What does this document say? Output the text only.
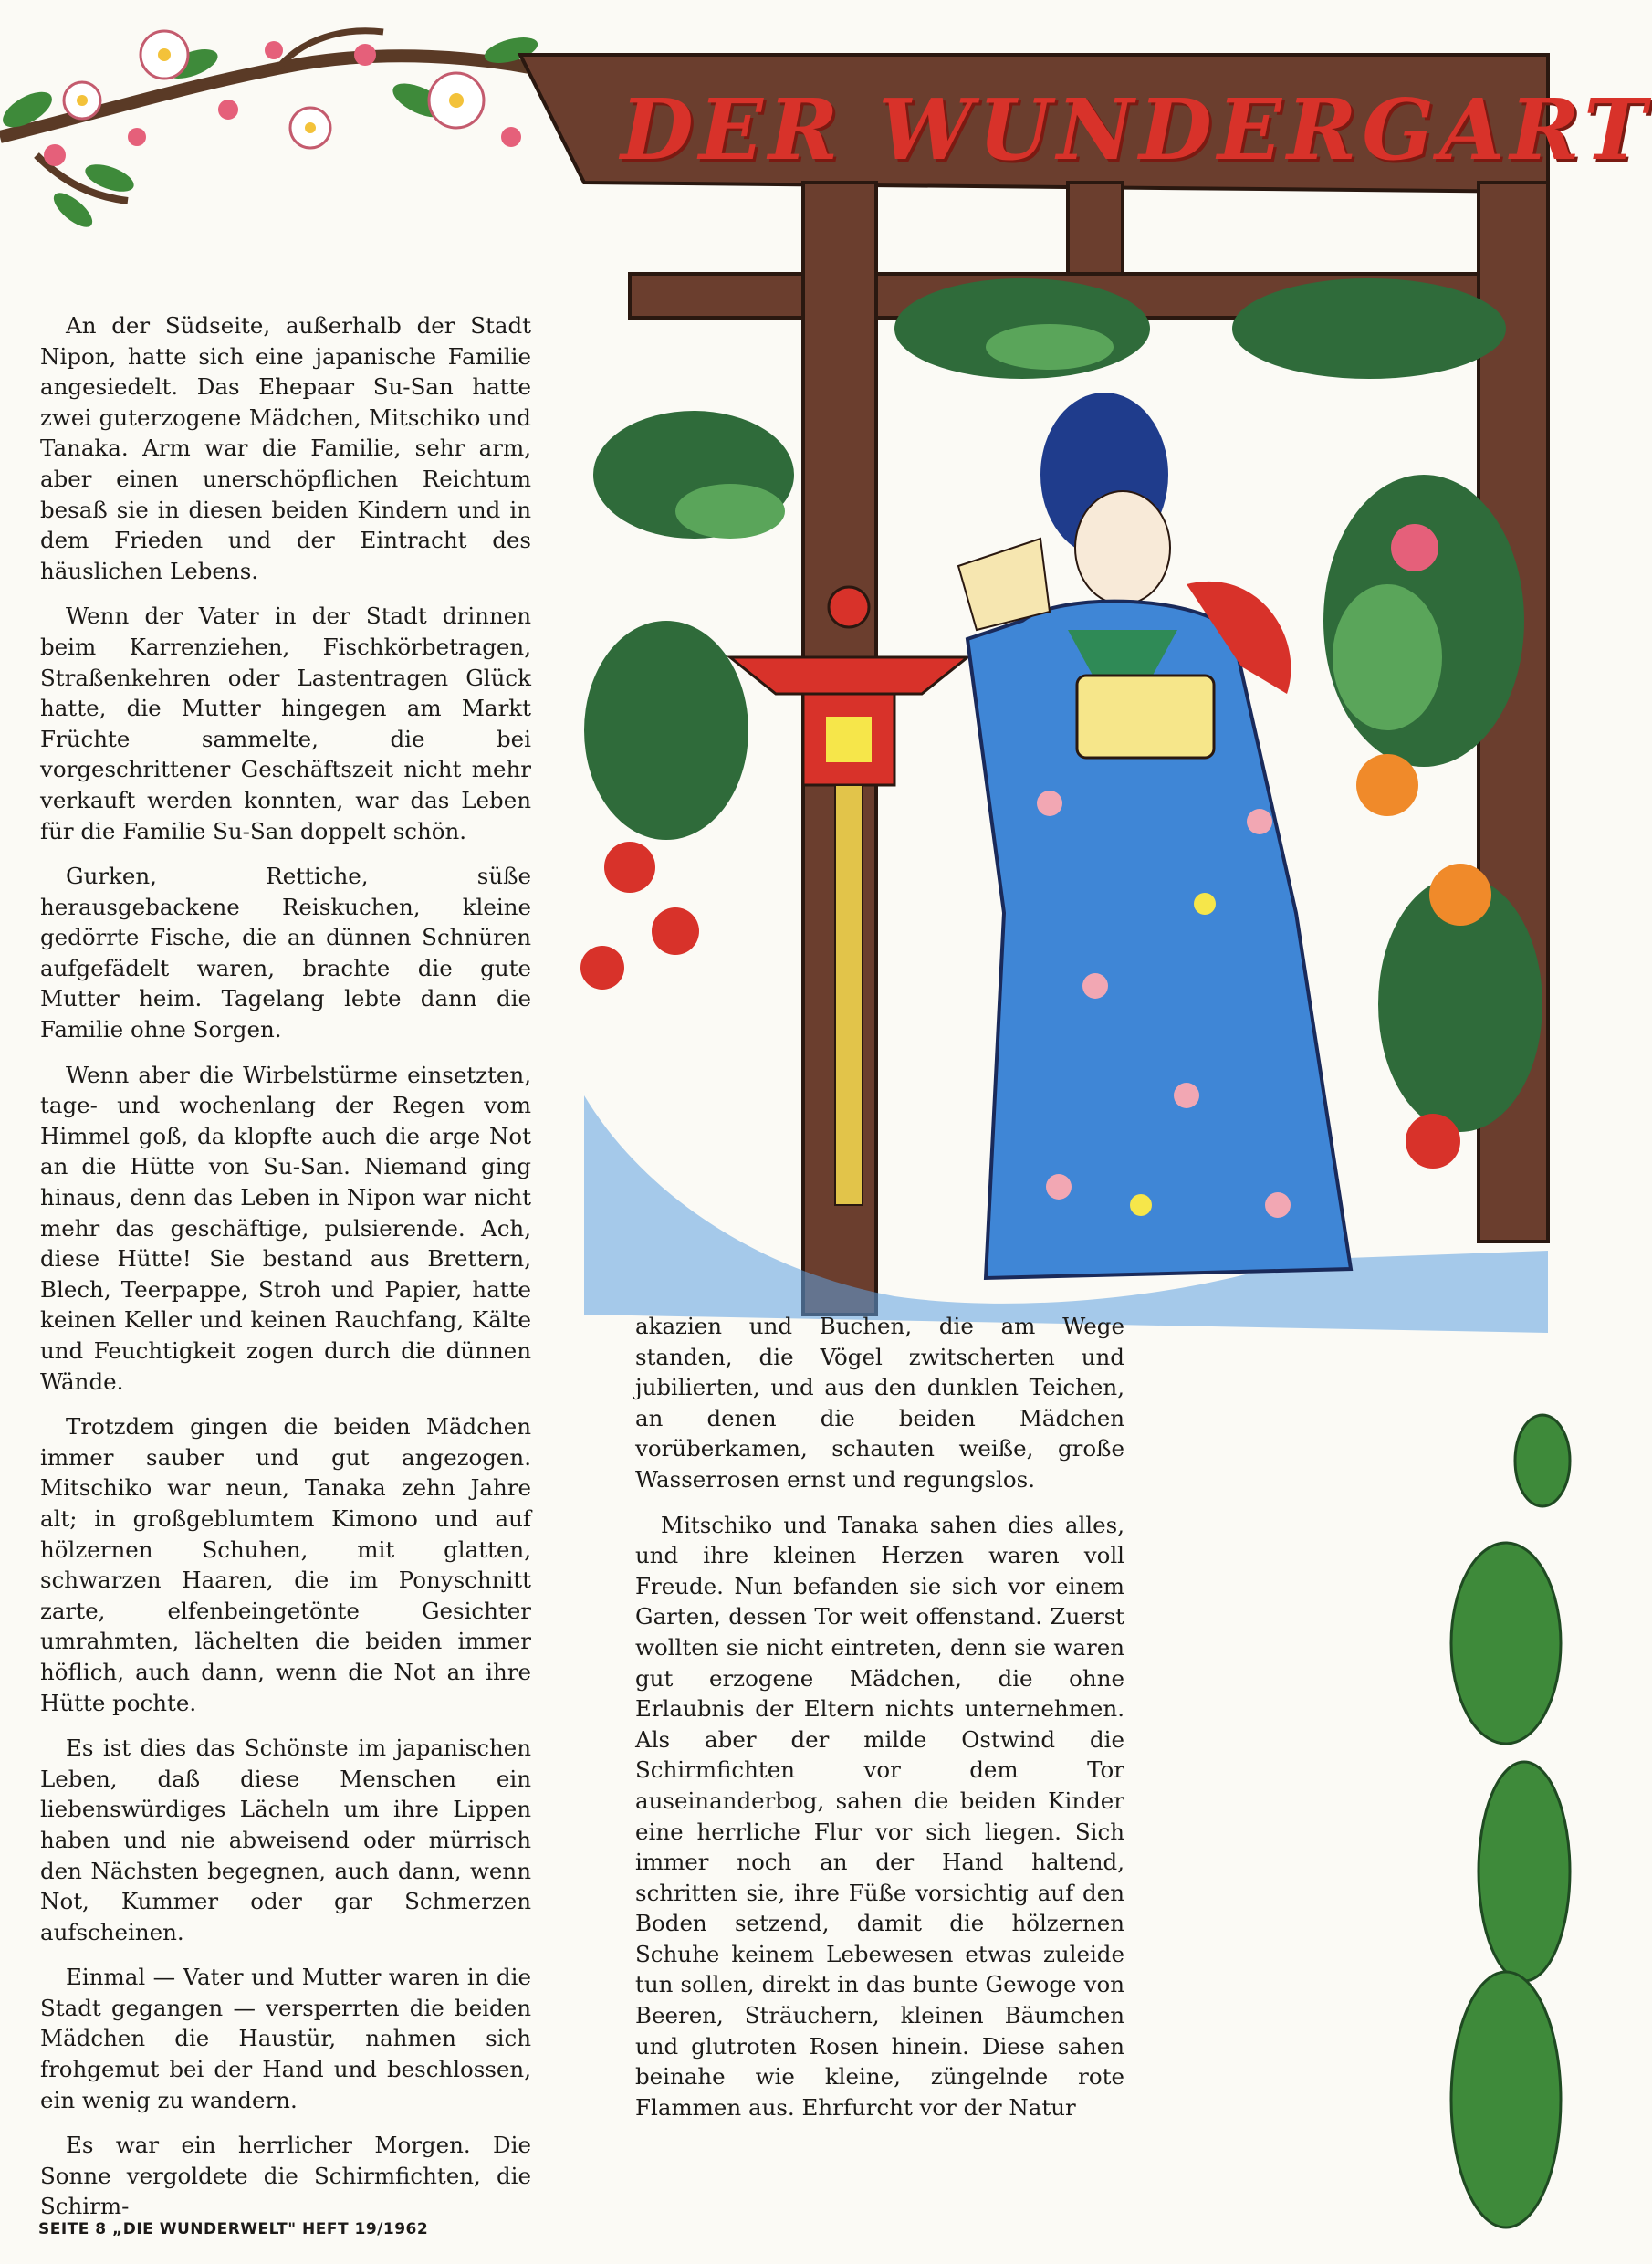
DER WUNDERGART

An der Südseite, außerhalb der Stadt Nipon, hatte sich eine japanische Familie angesiedelt. Das Ehepaar Su-San hatte zwei guterzogene Mädchen, Mitschiko und Tanaka. Arm war die Familie, sehr arm, aber einen unerschöpflichen Reichtum besaß sie in diesen beiden Kindern und in dem Frieden und der Eintracht des häuslichen Lebens.

Wenn der Vater in der Stadt drinnen beim Karrenziehen, Fischkörbetragen, Straßenkehren oder Lastentragen Glück hatte, die Mutter hingegen am Markt Früchte sammelte, die bei vorgeschrittener Geschäftszeit nicht mehr verkauft werden konnten, war das Leben für die Familie Su-San doppelt schön.

Gurken, Rettiche, süße herausgebackene Reiskuchen, kleine gedörrte Fische, die an dünnen Schnüren aufgefädelt waren, brachte die gute Mutter heim. Tagelang lebte dann die Familie ohne Sorgen.

Wenn aber die Wirbelstürme einsetzten, tage- und wochenlang der Regen vom Himmel goß, da klopfte auch die arge Not an die Hütte von Su-San. Niemand ging hinaus, denn das Leben in Nipon war nicht mehr das geschäftige, pulsierende. Ach, diese Hütte! Sie bestand aus Brettern, Blech, Teerpappe, Stroh und Papier, hatte keinen Keller und keinen Rauchfang, Kälte und Feuchtigkeit zogen durch die dünnen Wände.

Trotzdem gingen die beiden Mädchen immer sauber und gut angezogen. Mitschiko war neun, Tanaka zehn Jahre alt; in großgeblumtem Kimono und auf hölzernen Schuhen, mit glatten, schwarzen Haaren, die im Ponyschnitt zarte, elfenbeingetönte Gesichter umrahmten, lächelten die beiden immer höflich, auch dann, wenn die Not an ihre Hütte pochte.

Es ist dies das Schönste im japanischen Leben, daß diese Menschen ein liebenswürdiges Lächeln um ihre Lippen haben und nie abweisend oder mürrisch den Nächsten begegnen, auch dann, wenn Not, Kummer oder gar Schmerzen aufscheinen.

Einmal — Vater und Mutter waren in die Stadt gegangen — versperrten die beiden Mädchen die Haustür, nahmen sich frohgemut bei der Hand und beschlossen, ein wenig zu wandern.

Es war ein herrlicher Morgen. Die Sonne vergoldete die Schirmfichten, die Schirm-

akazien und Buchen, die am Wege standen, die Vögel zwitscherten und jubilierten, und aus den dunklen Teichen, an denen die beiden Mädchen vorüberkamen, schauten weiße, große Wasserrosen ernst und regungslos.

Mitschiko und Tanaka sahen dies alles, und ihre kleinen Herzen waren voll Freude. Nun befanden sie sich vor einem Garten, dessen Tor weit offenstand. Zuerst wollten sie nicht eintreten, denn sie waren gut erzogene Mädchen, die ohne Erlaubnis der Eltern nichts unternehmen. Als aber der milde Ostwind die Schirmfichten vor dem Tor auseinanderbog, sahen die beiden Kinder eine herrliche Flur vor sich liegen. Sich immer noch an der Hand haltend, schritten sie, ihre Füße vorsichtig auf den Boden setzend, damit die hölzernen Schuhe keinem Lebewesen etwas zuleide tun sollen, direkt in das bunte Gewoge von Beeren, Sträuchern, kleinen Bäumchen und glutroten Rosen hinein. Diese sahen beinahe wie kleine, züngelnde rote Flammen aus. Ehrfurcht vor der Natur

SEITE 8 „DIE WUNDERWELT" HEFT 19/1962
